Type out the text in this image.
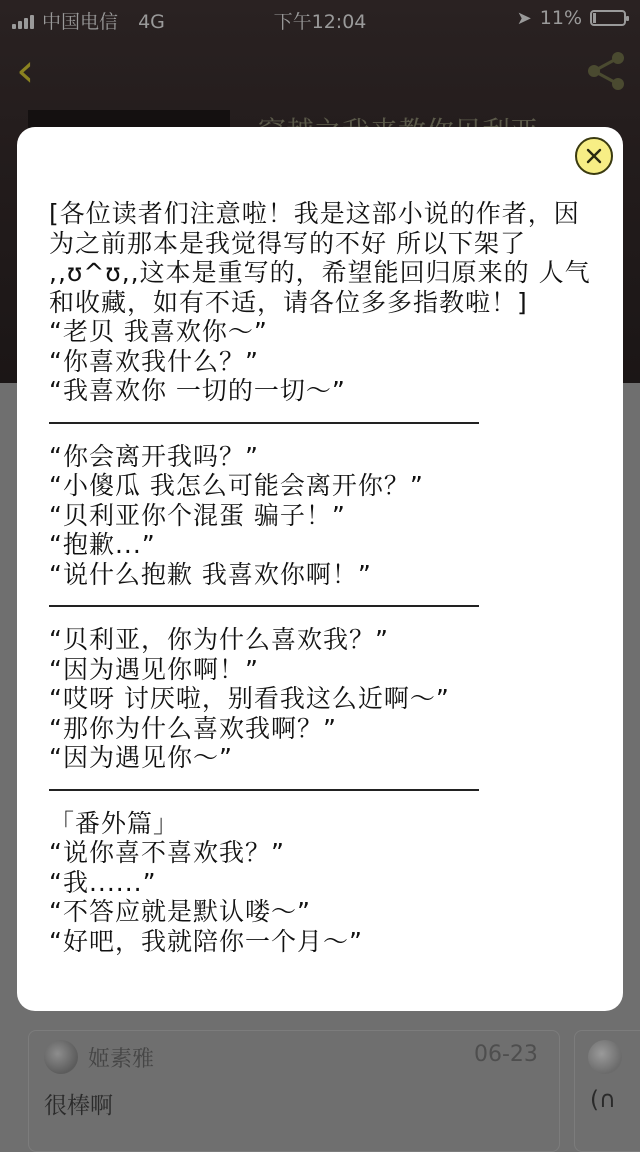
中国电信 4G	下午12:04	➤ 11%
‹
姬素雅	06-23
很棒啊	(∩

[各位读者们注意啦！我是这部小说的作者，因为之前那本是我觉得写的不好 所以下架了 ,,ʊ^ʊ,,这本是重写的，希望能回归原来的 人气和收藏，如有不适，请各位多多指教啦！]

“老贝 我喜欢你～”

“你喜欢我什么？”

“我喜欢你 一切的一切～”

“你会离开我吗？”

“小傻瓜 我怎么可能会离开你？”

“贝利亚你个混蛋 骗子！”

“抱歉...”

“说什么抱歉 我喜欢你啊！”

“贝利亚，你为什么喜欢我？”

“因为遇见你啊！”

“哎呀 讨厌啦，别看我这么近啊～”

“那你为什么喜欢我啊？”

“因为遇见你～”

「番外篇」

“说你喜不喜欢我？”

“我......”

“不答应就是默认喽～”

“好吧，我就陪你一个月～”
